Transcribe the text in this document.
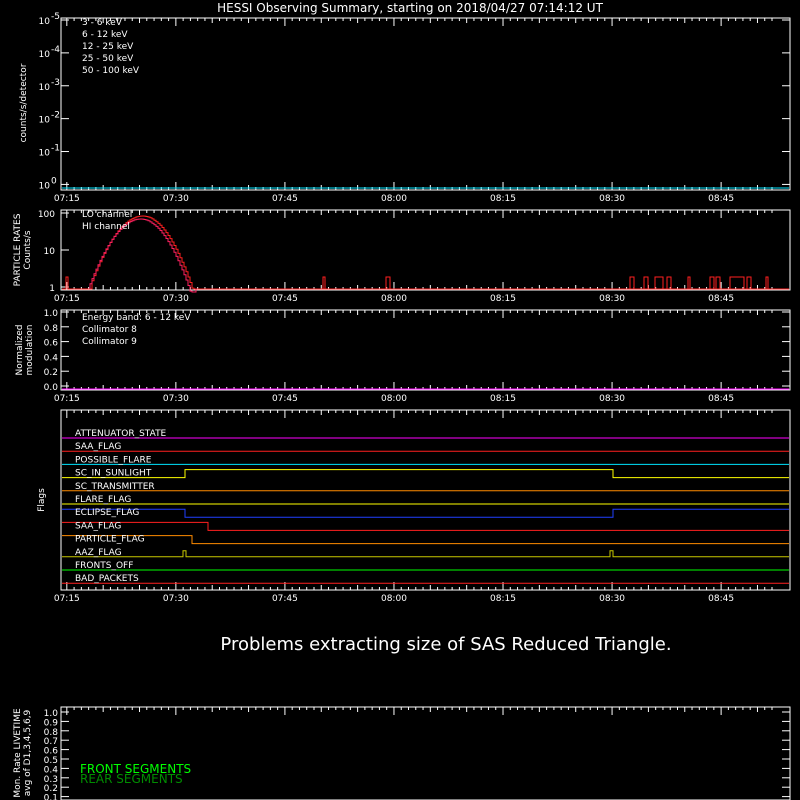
HESSI Observing Summary, starting on 2018/04/27 07:14:12 UT
07:15	07:30	07:45	08:00	08:15	08:30	08:45
07:15	07:30	07:45	08:00	08:15	08:30	08:45
07:15	07:30	07:45	08:00	08:15	08:30	08:45
07:15	07:30	07:45	08:00	08:15	08:30	08:45
10 -5
10 -4
10 -3
10 -2
10 -1
10 0
3 - 6 keV
6 - 12 keV
12 - 25 keV
25 - 50 keV
50 - 100 keV
100
10
1
LO channel
HI channel
1.0
0.8
0.6
0.4
0.2
0.0
Energy band: 6 - 12 keV
Collimator 8
Collimator 9
ATTENUATOR_STATE
SAA_FLAG
POSSIBLE_FLARE
SC_IN_SUNLIGHT
SC_TRANSMITTER
FLARE_FLAG
ECLIPSE_FLAG
SAA_FLAG
PARTICLE_FLAG
AAZ_FLAG
FRONTS_OFF
BAD_PACKETS
1.0
0.9
0.8
0.7
0.6
0.5
0.4
0.3
0.2
0.1
FRONT SEGMENTS
REAR SEGMENTS
counts/s/detector
PARTICLE RATES Counts/s
Normalized modulation
Flags
Problems extracting size of SAS Reduced Triangle.
Mon. Rate LIVETIME avg of D1,3,4,5,6,9
